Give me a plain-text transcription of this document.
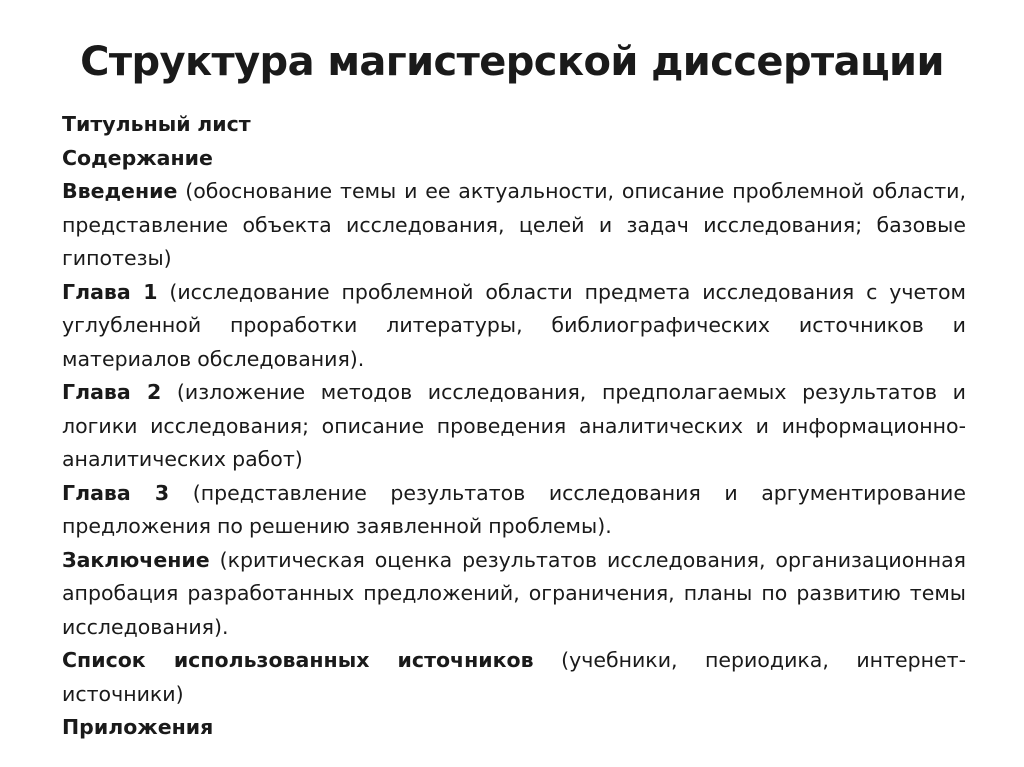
Структура магистерской диссертации

Титульный лист

Содержание

Введение (обоснование темы и ее актуальности, описание проблемной области, представление объекта исследования, целей и задач исследования; базовые гипотезы)

Глава 1 (исследование проблемной области предмета исследования с учетом углубленной проработки литературы, библиографических источников и материалов обследования).

Глава 2 (изложение методов исследования, предполагаемых результатов и логики исследования; описание проведения аналитических и информационно-аналитических работ)

Глава 3 (представление результатов исследования и аргументирование предложения по решению заявленной проблемы).

Заключение (критическая оценка результатов исследования, организационная апробация разработанных предложений, ограничения, планы по развитию темы исследования).

Список использованных источников (учебники, периодика, интернет-источники)

Приложения
